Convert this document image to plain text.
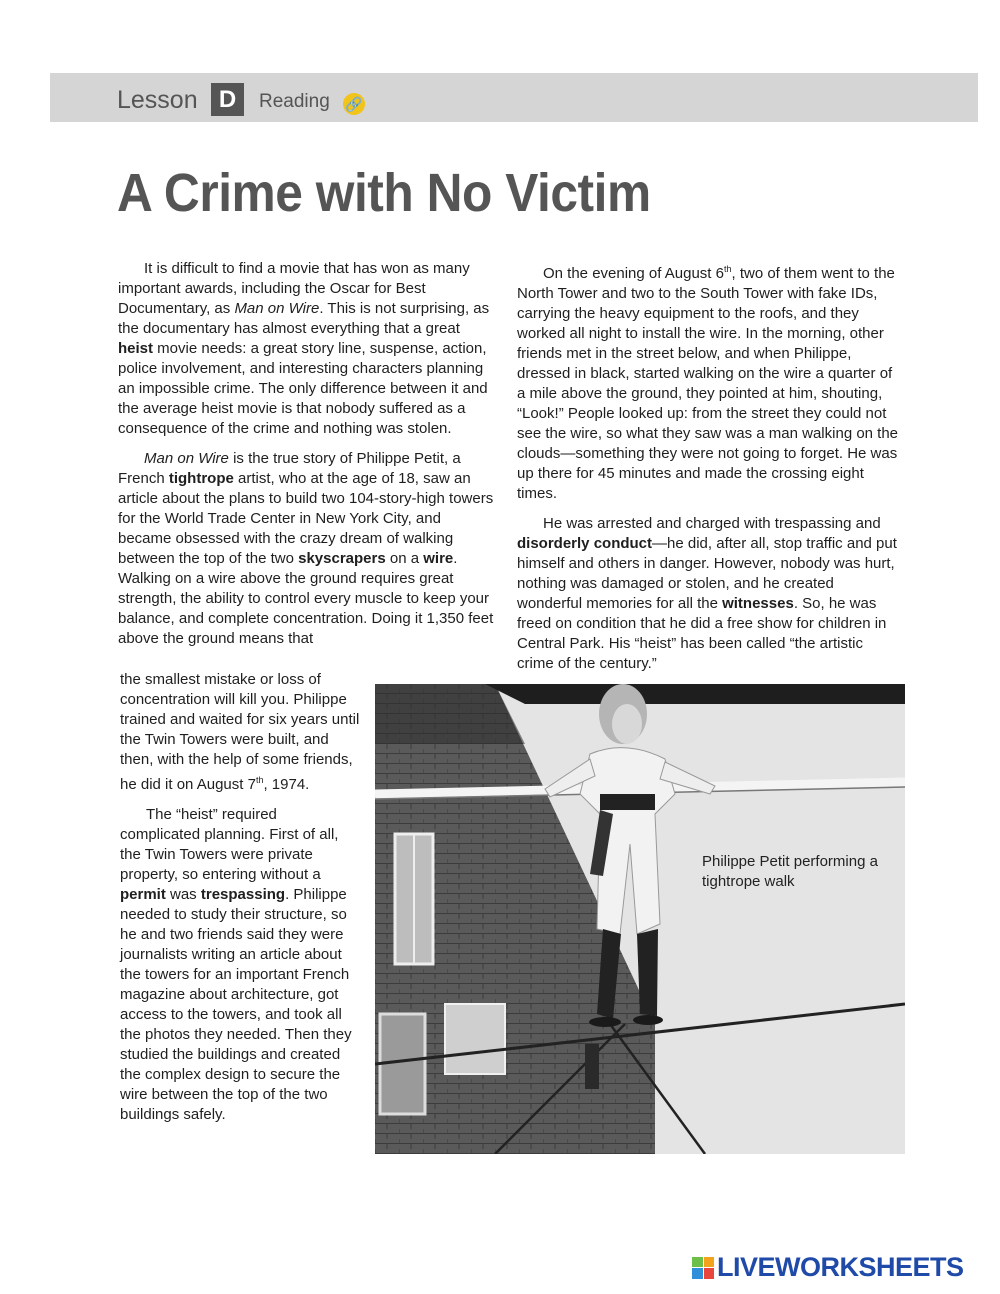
Lesson D	Reading 🔗
A Crime with No Victim

It is difficult to find a movie that has won as many important awards, including the Oscar for Best Documentary, as Man on Wire. This is not surprising, as the documentary has almost everything that a great heist movie needs: a great story line, suspense, action, police involvement, and interesting characters planning an impossible crime. The only difference between it and the average heist movie is that nobody suffered as a consequence of the crime and nothing was stolen.

Man on Wire is the true story of Philippe Petit, a French tightrope artist, who at the age of 18, saw an article about the plans to build two 104-story-high towers for the World Trade Center in New York City, and became obsessed with the crazy dream of walking between the top of the two skyscrapers on a wire. Walking on a wire above the ground requires great strength, the ability to control every muscle to keep your balance, and complete concentration. Doing it 1,350 feet above the ground means that

the smallest mistake or loss of concentration will kill you. Philippe trained and waited for six years until the Twin Towers were built, and then, with the help of some friends, he did it on August 7th, 1974.

The “heist” required complicated planning. First of all, the Twin Towers were private property, so entering without a permit was trespassing. Philippe needed to study their structure, so he and two friends said they were journalists writing an article about the towers for an important French magazine about architecture, got access to the towers, and took all the photos they needed. Then they studied the buildings and created the complex design to secure the wire between the top of the two buildings safely.

On the evening of August 6th, two of them went to the North Tower and two to the South Tower with fake IDs, carrying the heavy equipment to the roofs, and they worked all night to install the wire. In the morning, other friends met in the street below, and when Philippe, dressed in black, started walking on the wire a quarter of a mile above the ground, they pointed at him, shouting, “Look!” People looked up: from the street they could not see the wire, so what they saw was a man walking on the clouds—something they were not going to forget. He was up there for 45 minutes and made the crossing eight times.

He was arrested and charged with trespassing and disorderly conduct—he did, after all, stop traffic and put himself and others in danger. However, nobody was hurt, nothing was damaged or stolen, and he created wonderful memories for all the witnesses. So, he was freed on condition that he did a free show for children in Central Park. His “heist” has been called “the artistic crime of the century.”

Philippe Petit performing a tightrope walk
LIVEWORKSHEETS
